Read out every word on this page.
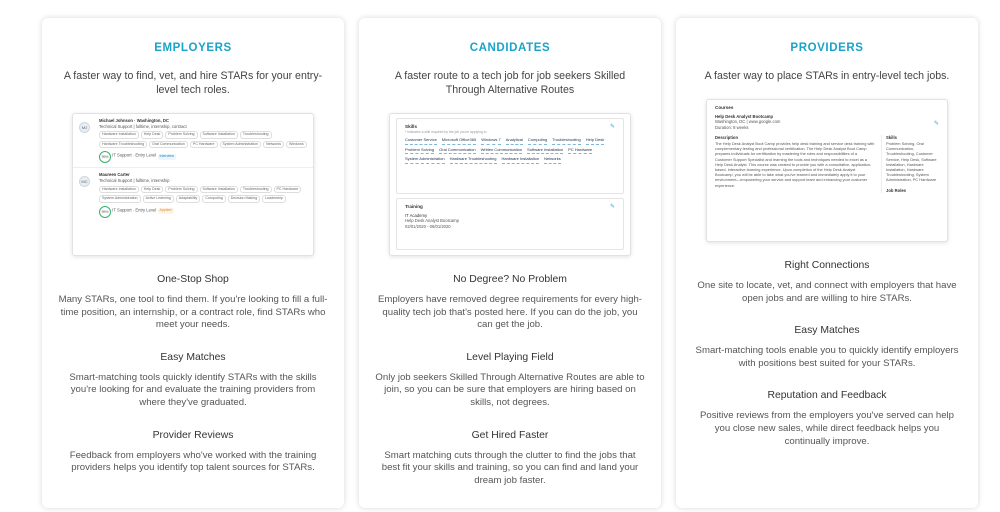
EMPLOYERS

A faster way to find, vet, and hire STARs for your entry-level tech roles.

MJ
Michael Johnson · Washington, DC
Technical Support | fulltime, internship, contract
Hardware Installation	Help Desk	Problem Solving	Software Installation	Troubleshooting
Hardware Troubleshooting	Oral Communication	PC Hardware	System Administration	Networks	Windows
99% IT Support · Entry Level Interview
MC
Maureen Carter
Technical Support | fulltime, internship
Hardware Installation	Help Desk	Problem Solving	Software Installation	Troubleshooting	PC Hardware
System Administration	Active Listening	Adaptability	Computing	Decision Making	Leadership
99% IT Support · Entry Level Applied
One-Stop Shop

Many STARs, one tool to find them. If you're looking to fill a full-time position, an internship, or a contract role, find STARs who meet your needs.

Easy Matches

Smart-matching tools quickly identify STARs with the skills you're looking for and evaluate the training providers from where they've graduated.

Provider Reviews

Feedback from employers who've worked with the training providers helps you identify top talent sources for STARs.

CANDIDATES

A faster route to a tech job for job seekers Skilled Through Alternative Routes

Skills
* indicates a skill required by the job you're applying to
✎
Customer Service Microsoft Office365 Windows 7 Analytical Computing Troubleshooting Help Desk
Problem Solving Oral Communication Written Communication Software Installation PC Hardware
System Administration Hardware Troubleshooting Hardware Installation Networks
Training	✎
IT Academy
Help Desk Analyst Bootcamp
02/01/2020 - 06/01/2020
No Degree? No Problem

Employers have removed degree requirements for every high-quality tech job that's posted here. If you can do the job, you can get the job.

Level Playing Field

Only job seekers Skilled Through Alternative Routes are able to join, so you can be sure that employers are hiring based on skills, not degrees.

Get Hired Faster

Smart matching cuts through the clutter to find the jobs that best fit your skills and training, so you can find and land your dream job faster.

PROVIDERS

A faster way to place STARs in entry-level tech jobs.

Courses
Help Desk Analyst Bootcamp
Washington, DC | www.google.com
Duration: 8 weeks
✎
Description
The Help Desk Analyst Boot Camp provides help desk training and service desk training with complementary testing and professional certification. The Help Desk Analyst Boot Camp prepares individuals for certification by mastering the roles and responsibilities of a Customer Support Specialist and learning the tools and techniques needed to excel as a Help Desk Analyst. This course was created to provide you with a consultative, application-based, interactive learning experience. Upon completion of the Help Desk Analyst Bootcamp, you will be able to take what you've learned and immediately apply it to your environment—empowering your service and support team and enhancing your customer experience.
Skills
Problem Solving, Oral Communication, Troubleshooting, Customer Service, Help Desk, Software Installation, Hardware Installation, Hardware Troubleshooting, System Administration, PC Hardware
Job Roles
Right Connections

One site to locate, vet, and connect with employers that have open jobs and are willing to hire STARs.

Easy Matches

Smart-matching tools enable you to quickly identify employers with positions best suited for your STARs.

Reputation and Feedback

Positive reviews from the employers you've served can help you close new sales, while direct feedback helps you continually improve.
